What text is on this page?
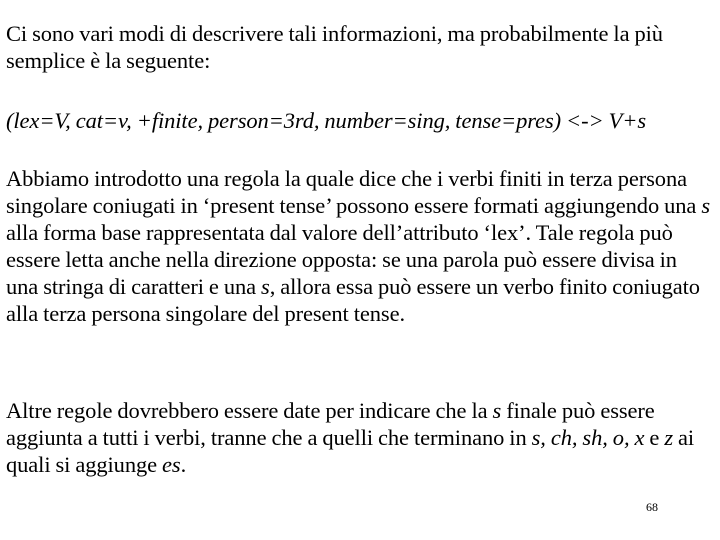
Ci sono vari modi di descrivere tali informazioni, ma probabilmente la più semplice è la seguente:

(lex=V, cat=v, +finite, person=3rd, number=sing, tense=pres) <-> V+s

Abbiamo introdotto una regola la quale dice che i verbi finiti in terza persona singolare coniugati in ‘present tense’ possono essere formati aggiungendo una s alla forma base rappresentata dal valore dell’attributo ‘lex’. Tale regola può essere letta anche nella direzione opposta: se una parola può essere divisa in una stringa di caratteri e una s, allora essa può essere un verbo finito coniugato alla terza persona singolare del present tense.

Altre regole dovrebbero essere date per indicare che la s finale può essere aggiunta a tutti i verbi, tranne che a quelli che terminano in s, ch, sh, o, x e z ai quali si aggiunge es.

68
